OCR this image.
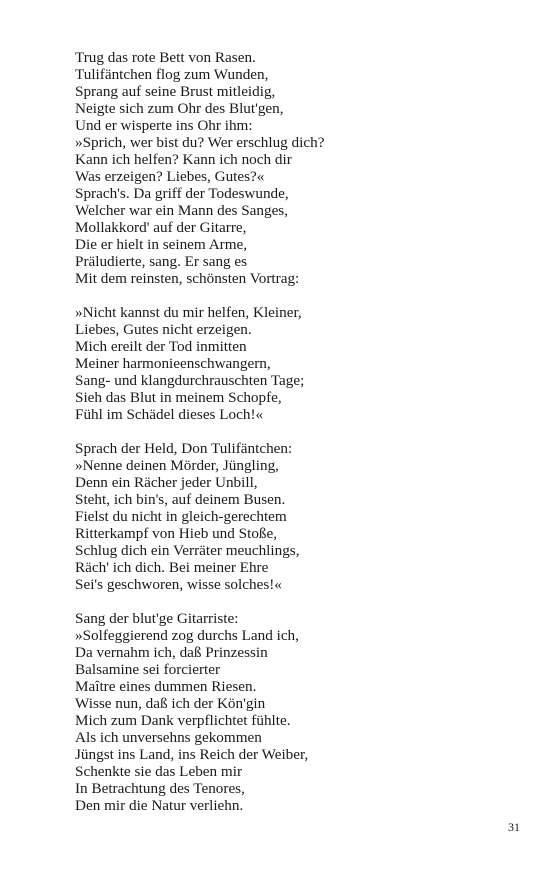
Trug das rote Bett von Rasen.
Tulifäntchen flog zum Wunden,
Sprang auf seine Brust mitleidig,
Neigte sich zum Ohr des Blut'gen,
Und er wisperte ins Ohr ihm:
»Sprich, wer bist du? Wer erschlug dich?
Kann ich helfen? Kann ich noch dir
Was erzeigen? Liebes, Gutes?«
Sprach's. Da griff der Todeswunde,
Welcher war ein Mann des Sanges,
Mollakkord' auf der Gitarre,
Die er hielt in seinem Arme,
Präludierte, sang. Er sang es
Mit dem reinsten, schönsten Vortrag:
»Nicht kannst du mir helfen, Kleiner,
Liebes, Gutes nicht erzeigen.
Mich ereilt der Tod inmitten
Meiner harmonieenschwangern,
Sang- und klangdurchrauschten Tage;
Sieh das Blut in meinem Schopfe,
Fühl im Schädel dieses Loch!«
Sprach der Held, Don Tulifäntchen:
»Nenne deinen Mörder, Jüngling,
Denn ein Rächer jeder Unbill,
Steht, ich bin's, auf deinem Busen.
Fielst du nicht in gleich-gerechtem
Ritterkampf von Hieb und Stoße,
Schlug dich ein Verräter meuchlings,
Räch' ich dich. Bei meiner Ehre
Sei's geschworen, wisse solches!«
Sang der blut'ge Gitarriste:
»Solfeggierend zog durchs Land ich,
Da vernahm ich, daß Prinzessin
Balsamine sei forcierter
Maître eines dummen Riesen.
Wisse nun, daß ich der Kön'gin
Mich zum Dank verpflichtet fühlte.
Als ich unversehns gekommen
Jüngst ins Land, ins Reich der Weiber,
Schenkte sie das Leben mir
In Betrachtung des Tenores,
Den mir die Natur verliehn.
31
